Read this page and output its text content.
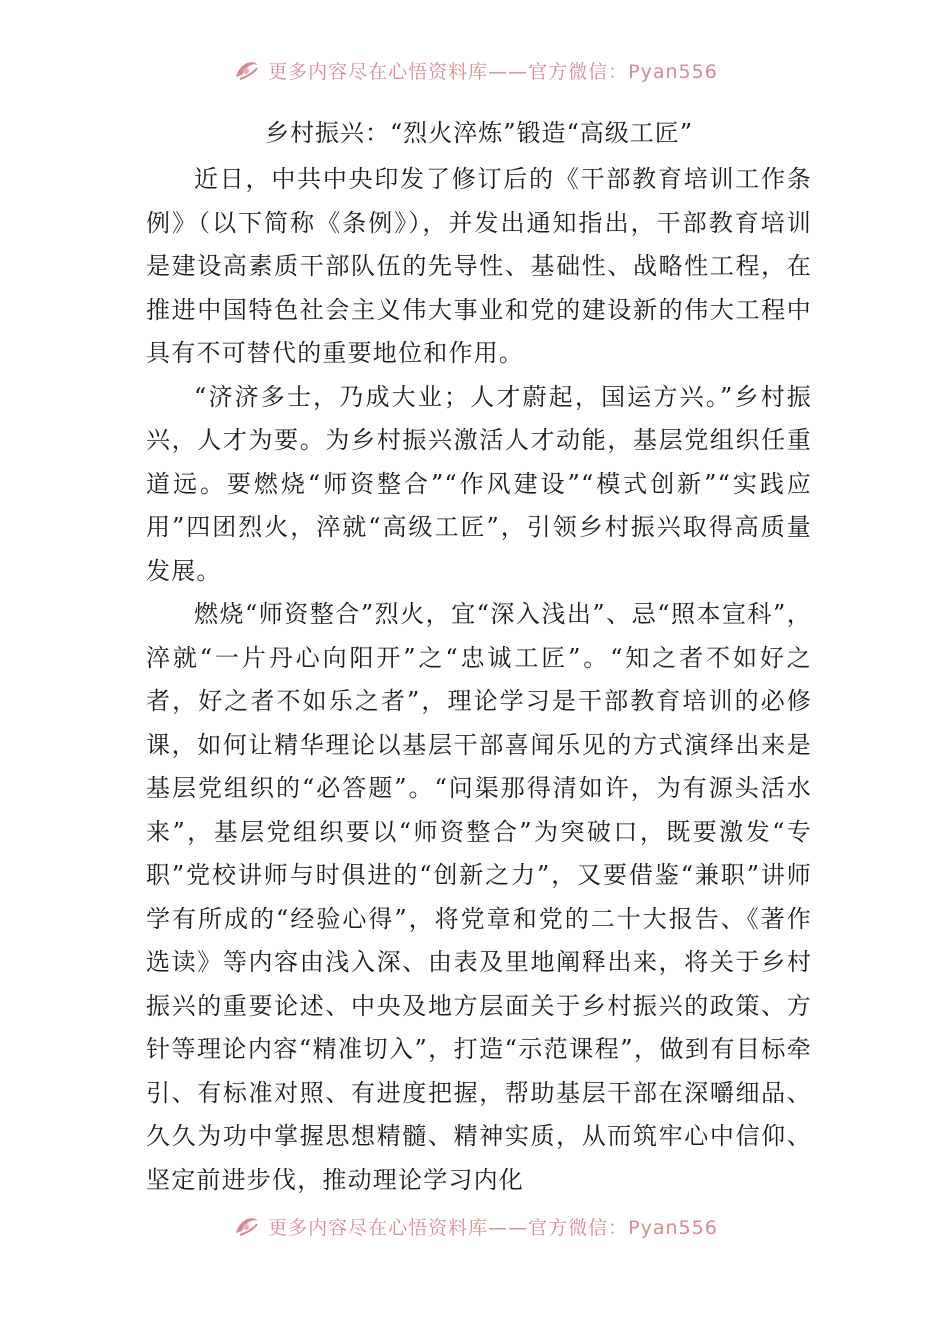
更多内容尽在心悟资料库——官方微信：Pyan556
乡村振兴：“烈火淬炼”锻造“高级工匠”

近日，中共中央印发了修订后的《干部教育培训工作条例》（以下简称《条例》），并发出通知指出，干部教育培训是建设高素质干部队伍的先导性、基础性、战略性工程，在推进中国特色社会主义伟大事业和党的建设新的伟大工程中具有不可替代的重要地位和作用。

“济济多士，乃成大业；人才蔚起，国运方兴。”乡村振兴，人才为要。为乡村振兴激活人才动能，基层党组织任重道远。要燃烧“师资整合”“作风建设”“模式创新”“实践应用”四团烈火，淬就“高级工匠”，引领乡村振兴取得高质量发展。

燃烧“师资整合”烈火，宜“深入浅出”、忌“照本宣科”，淬就“一片丹心向阳开”之“忠诚工匠”。“知之者不如好之者，好之者不如乐之者”，理论学习是干部教育培训的必修课，如何让精华理论以基层干部喜闻乐见的方式演绎出来是基层党组织的“必答题”。“问渠那得清如许，为有源头活水来”，基层党组织要以“师资整合”为突破口，既要激发“专职”党校讲师与时俱进的“创新之力”，又要借鉴“兼职”讲师学有所成的“经验心得”，将党章和党的二十大报告、《著作选读》等内容由浅入深、由表及里地阐释出来，将关于乡村振兴的重要论述、中央及地方层面关于乡村振兴的政策、方针等理论内容“精准切入”，打造“示范课程”，做到有目标牵引、有标准对照、有进度把握，帮助基层干部在深嚼细品、久久为功中掌握思想精髓、精神实质，从而筑牢心中信仰、坚定前进步伐，推动理论学习内化

更多内容尽在心悟资料库——官方微信：Pyan556
